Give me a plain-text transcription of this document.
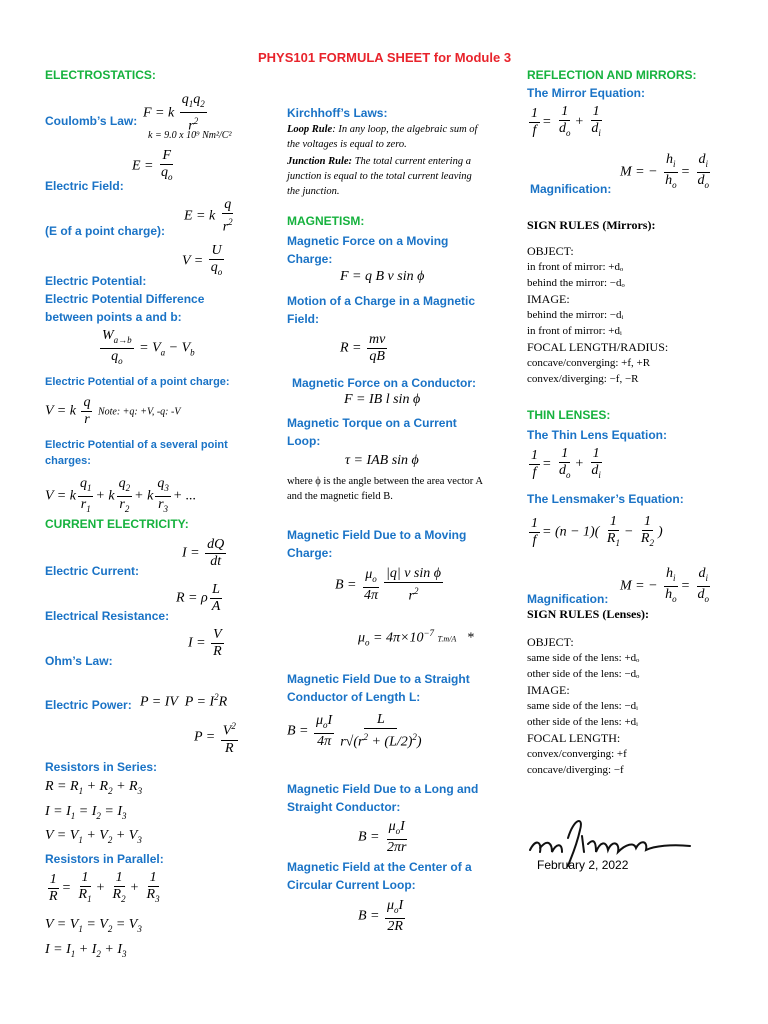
PHYS101 FORMULA SHEET for Module 3
ELECTROSTATICS:
F = k $\frac{q_1q_2}{r^2}$
Coulomb’s Law:
k = 9.0 x 10⁹ Nm²/C²
$E = \frac{F}{q_o}$
Electric Field:
E = k $\frac{q}{r^2}$
(E of a point charge):
$V = \frac{U}{q_o}$
Electric Potential:
Electric Potential Difference between points a and b:
$\frac{W_{a\to b}}{q_o} = V_a - V_b$
Electric Potential of a point charge:
V = k $\frac{q}{r}$ Note: +q: +V, -q: -V
Electric Potential of a several point charges:
V = k $\frac{q_1}{r_1} + k \frac{q_2}{r_2} + k \frac{q_3}{r_3}$ + ...
CURRENT ELECTRICITY:
$I = \frac{dQ}{dt}$
Electric Current:
R = ρ $\frac{L}{A}$
Electrical Resistance:
$I = \frac{V}{R}$
Ohm’s Law:
Electric Power: P = IV  $P = I^2R$
$P = \frac{V^2}{R}$
Resistors in Series:
$R = R_1 + R_2 + R_3$
$I = I_1 = I_2 = I_3$
$V = V_1 + V_2 + V_3$
Resistors in Parallel:
$\frac{1}{R} = \frac{1}{R_1} + \frac{1}{R_2} + \frac{1}{R_3}$
$V = V_1 = V_2 = V_3$
$I = I_1 + I_2 + I_3$
Kirchhoff’s Laws:
Loop Rule: In any loop, the algebraic sum of the voltages is equal to zero.
Junction Rule: The total current entering a junction is equal to the total current leaving the junction.
MAGNETISM:
Magnetic Force on a Moving Charge:
F = q B v sin ϕ
Motion of a Charge in a Magnetic Field:
$R = \frac{mv}{qB}$
Magnetic Force on a Conductor:
F = IB l sin ϕ
Magnetic Torque on a Current Loop:
τ = IAB sin ϕ
where ϕ is the angle between the area vector A and the magnetic field B.
Magnetic Field Due to a Moving Charge:
$B = \frac{\mu_o}{4\pi} \frac{\text{|q| v sin ϕ}}{r^2}$
$\mu_o = 4\pi\times 10^{-7}$ T.m/A   *
Magnetic Field Due to a Straight Conductor of Length L:
$B = \frac{\mu_oI}{4\pi} \frac{L}{r√(r^2 + (L/2)^2)}$
Magnetic Field Due to a Long and Straight Conductor:
$B = \frac{\mu_oI}{2\pi r}$
Magnetic Field at the Center of a Circular Current Loop:
$B = \frac{\mu_oI}{2R}$
REFLECTION AND MIRRORS:
The Mirror Equation:
$\frac{1}{f} = \frac{1}{d_o} + \frac{1}{d_i}$
M = − $\frac{h_i}{h_o} = \frac{d_i}{d_o}$
Magnification:
SIGN RULES (Mirrors):
OBJECT:
in front of mirror: +dₒ
behind the mirror: −dₒ
IMAGE:
behind the mirror: −dᵢ
in front of mirror: +dᵢ
FOCAL LENGTH/RADIUS:
concave/converging: +f, +R
convex/diverging: −f, −R
THIN LENSES:
The Thin Lens Equation:
$\frac{1}{f} = \frac{1}{d_o} + \frac{1}{d_i}$
The Lensmaker’s Equation:
$\frac{1}{f} = (n - 1)( \frac{1}{R_1} - \frac{1}{R_2}$ )
M = − $\frac{h_i}{h_o} = \frac{d_i}{d_o}$
Magnification:
SIGN RULES (Lenses):
OBJECT:
same side of the lens: +dₒ
other side of the lens: −dₒ
IMAGE:
same side of the lens: −dᵢ
other side of the lens: +dᵢ
FOCAL LENGTH:
convex/converging: +f
concave/diverging: −f
February 2, 2022
